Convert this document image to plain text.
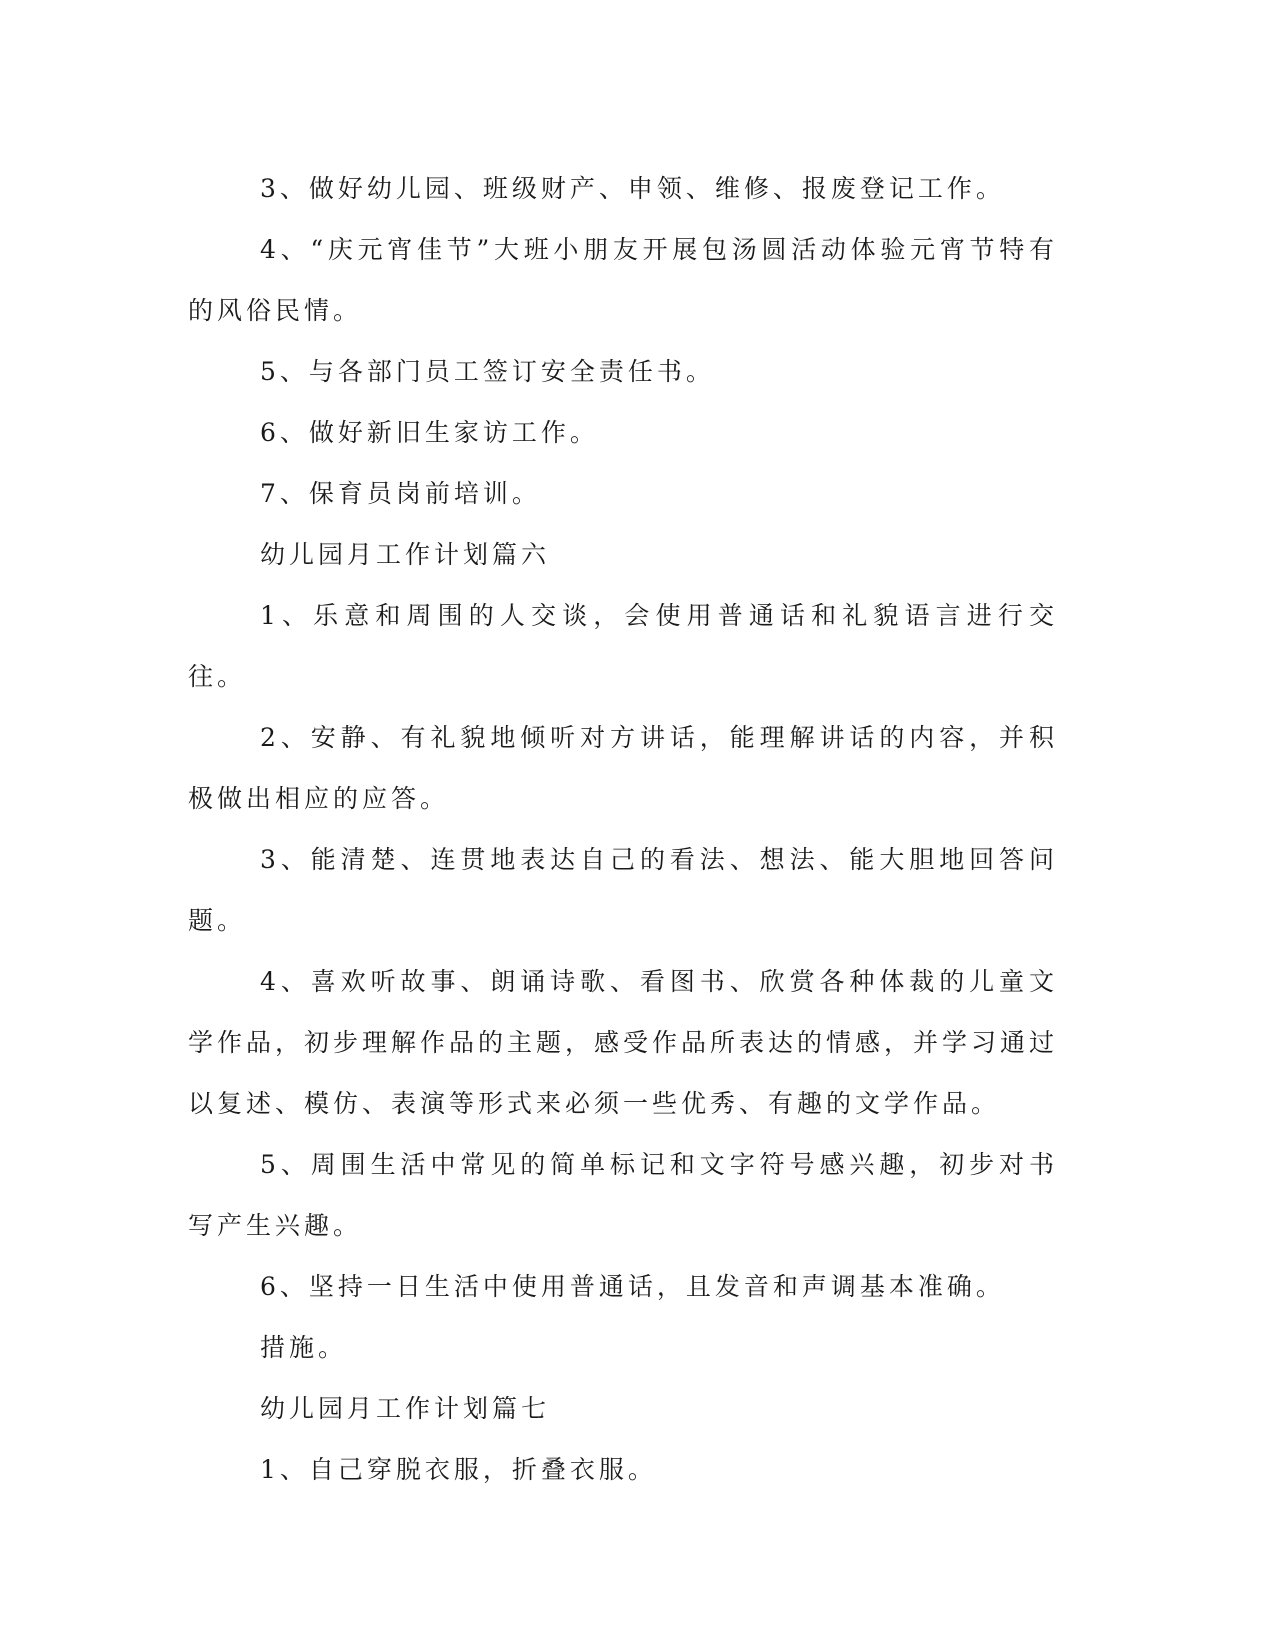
3、做好幼儿园、班级财产、申领、维修、报废登记工作。

4、“庆元宵佳节”大班小朋友开展包汤圆活动体验元宵节特有的风俗民情。

5、与各部门员工签订安全责任书。

6、做好新旧生家访工作。

7、保育员岗前培训。

幼儿园月工作计划篇六

1、乐意和周围的人交谈，会使用普通话和礼貌语言进行交往。

2、安静、有礼貌地倾听对方讲话，能理解讲话的内容，并积极做出相应的应答。

3、能清楚、连贯地表达自己的看法、想法、能大胆地回答问题。

4、喜欢听故事、朗诵诗歌、看图书、欣赏各种体裁的儿童文学作品，初步理解作品的主题，感受作品所表达的情感，并学习通过以复述、模仿、表演等形式来必须一些优秀、有趣的文学作品。

5、周围生活中常见的简单标记和文字符号感兴趣，初步对书写产生兴趣。

6、坚持一日生活中使用普通话，且发音和声调基本准确。

措施。

幼儿园月工作计划篇七

1、自己穿脱衣服，折叠衣服。
